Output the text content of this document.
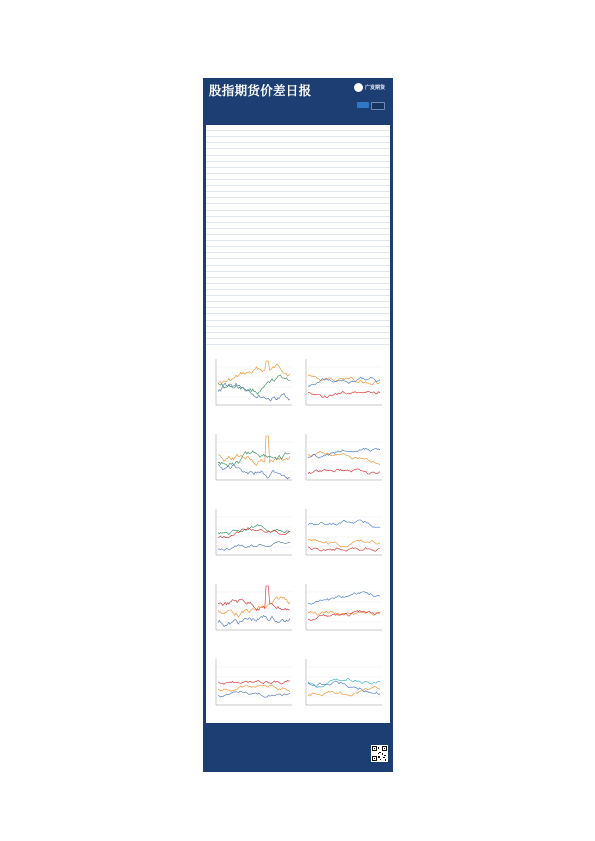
股指期货价差日报	广发期货
